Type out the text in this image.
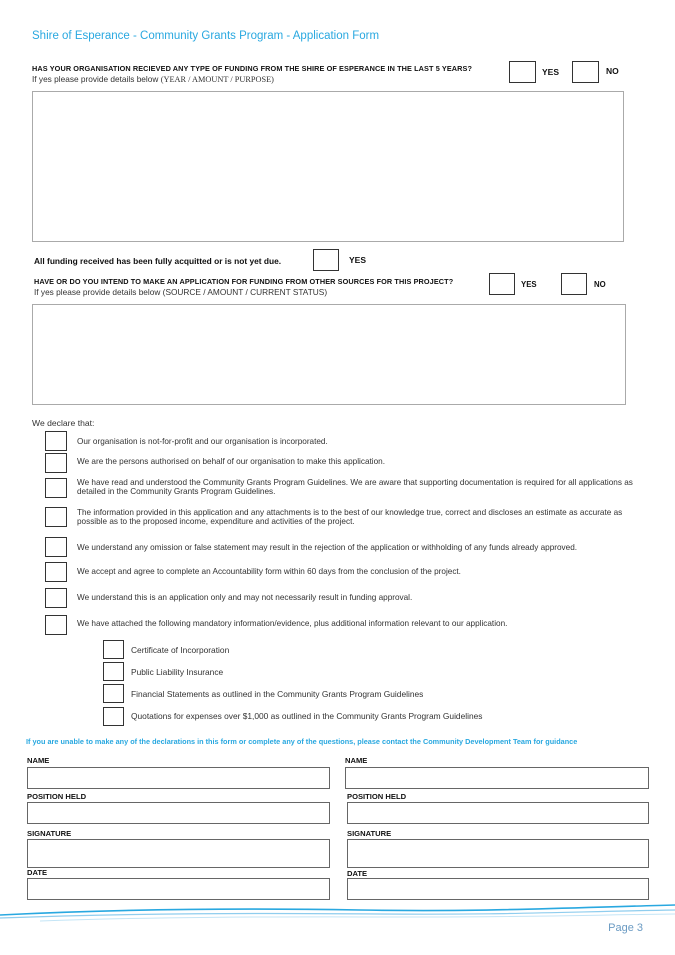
Shire of Esperance - Community Grants Program - Application Form
HAS YOUR ORGANISATION RECIEVED ANY TYPE OF FUNDING FROM THE SHIRE OF ESPERANCE IN THE LAST 5 YEARS?
If yes please provide details below (YEAR / AMOUNT / PURPOSE)
YES	NO
All funding received has been fully acquitted or is not yet due.	YES
HAVE OR DO YOU INTEND TO MAKE AN APPLICATION FOR FUNDING FROM OTHER SOURCES FOR THIS PROJECT?
If yes please provide details below (SOURCE / AMOUNT / CURRENT STATUS)
YES	NO
We declare that:
Our organisation is not-for-profit and our organisation is incorporated.
We are the persons authorised on behalf of our organisation to make this application.
We have read and understood the Community Grants Program Guidelines. We are aware that supporting documentation is required for all applications as detailed in the Community Grants Program Guidelines.
The information provided in this application and any attachments is to the best of our knowledge true, correct and discloses an estimate as accurate as possible as to the proposed income, expenditure and activities of the project.
We understand any omission or false statement may result in the rejection of the application or withholding of any funds already approved.
We accept and agree to complete an Accountability form within 60 days from the conclusion of the project.
We understand this is an application only and may not necessarily result in funding approval.
We have attached the following mandatory information/evidence, plus additional information relevant to our application.
Certificate of Incorporation
Public Liability Insurance
Financial Statements as outlined in the Community Grants Program Guidelines
Quotations for expenses over $1,000 as outlined in the Community Grants Program Guidelines
If you are unable to make any of the declarations in this form or complete any of the questions, please contact the Community Development Team for guidance
NAME
POSITION HELD
SIGNATURE
DATE
NAME
POSITION HELD
SIGNATURE
DATE
Page 3
